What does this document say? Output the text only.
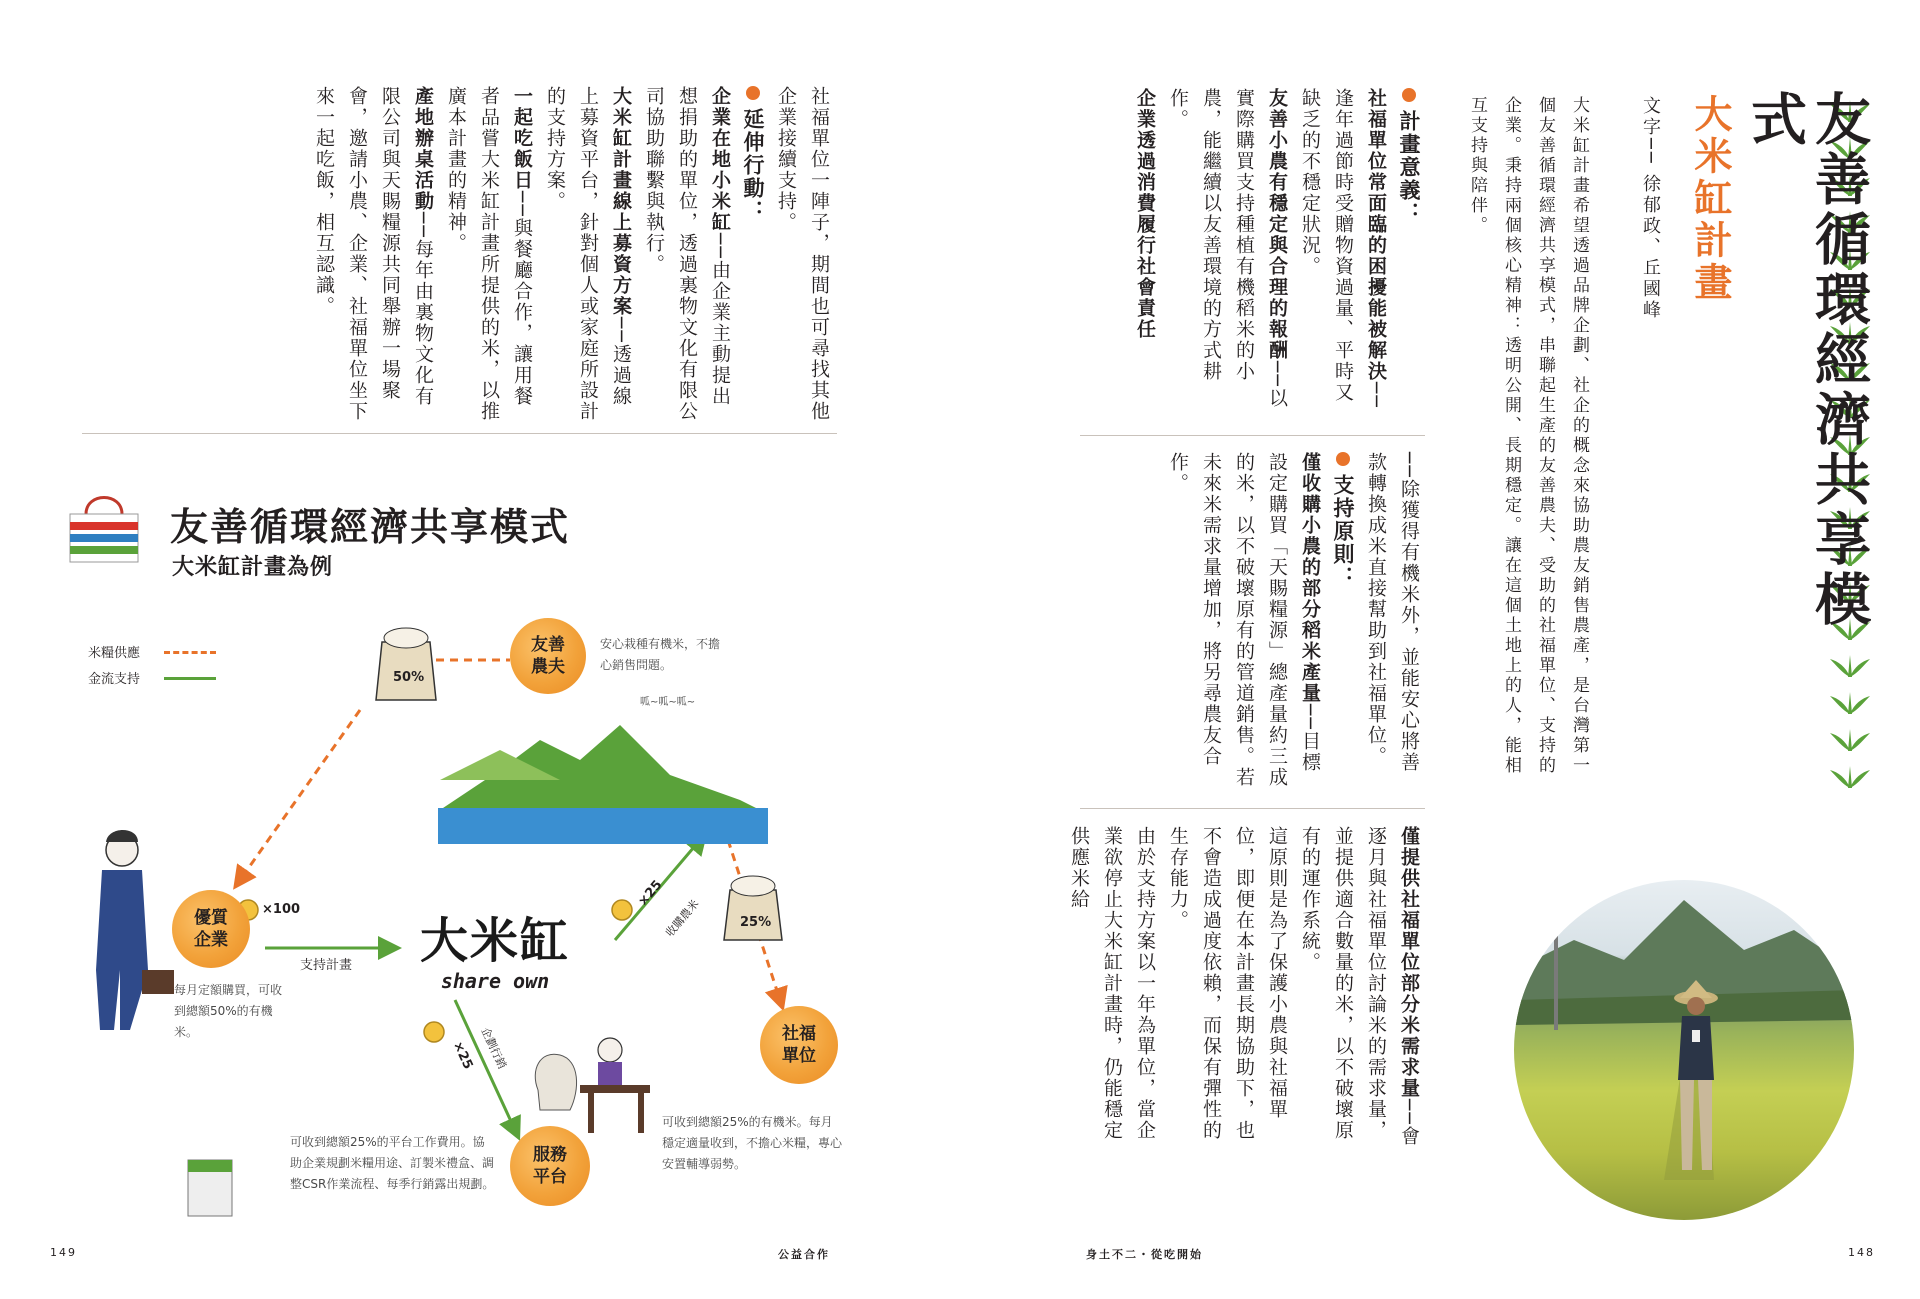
友善循環經濟共享模式
大米缸計畫
文字── 徐郁政、丘國峰
大米缸計畫希望透過品牌企劃、社企的概念來協助農友銷售農產，是台灣第一個友善循環經濟共享模式，串聯起生產的友善農夫、受助的社福單位、支持的企業。秉持兩個核心精神：透明公開、長期穩定。讓在這個土地上的人，能相互支持與陪伴。
計畫意義：
社福單位常面臨的困擾能被解決──逢年過節時受贈物資過量、平時又缺乏的不穩定狀況。
友善小農有穩定與合理的報酬──以實際購買支持種植有機稻米的小農，能繼續以友善環境的方式耕作。
企業透過消費履行社會責任
──除獲得有機米外，並能安心將善款轉換成米直接幫助到社福單位。
支持原則：
僅收購小農的部分稻米產量──目標設定購買「天賜糧源」總產量約三成的米，以不破壞原有的管道銷售。若未來米需求量增加，將另尋農友合作。
僅提供社福單位部分米需求量──會逐月與社福單位討論米的需求量，並提供適合數量的米，以不破壞原有的運作系統。
這原則是為了保護小農與社福單位，即便在本計畫長期協助下，也不會造成過度依賴，而保有彈性的生存能力。
由於支持方案以一年為單位，當企業欲停止大米缸計畫時，仍能穩定供應米給
身土不二・從吃開始	148
社福單位一陣子，期間也可尋找其他企業接續支持。
延伸行動：
企業在地小米缸──由企業主動提出想捐助的單位，透過裏物文化有限公司協助聯繫與執行。
大米缸計畫線上募資方案──透過線上募資平台，針對個人或家庭所設計的支持方案。
一起吃飯日──與餐廳合作，讓用餐者品嘗大米缸計畫所提供的米，以推廣本計畫的精神。
產地辦桌活動──每年由裏物文化有限公司與天賜糧源共同舉辦一場聚會，邀請小農、企業、社福單位坐下來一起吃飯，相互認識。
友善循環經濟共享模式
大米缸計畫為例
米糧供應
金流支持
友善
農夫
安心栽種有機米，不擔心銷售問題。
呱~呱~呱~
優質
企業
每月定額購買，可收到總額50%的有機米。	社福
單位
可收到總額25%的有機米。每月穩定適量收到，不擔心米糧，專心安置輔導弱勢。
服務
平台
可收到總額25%的平台工作費用。協助企業規劃米糧用途、訂製米禮盒、調整CSR作業流程、每季行銷露出規劃。
50%
25%
×100
支持計畫
×25
收購農米
×25 企劃行銷
大米缸
share own
149	公益合作
